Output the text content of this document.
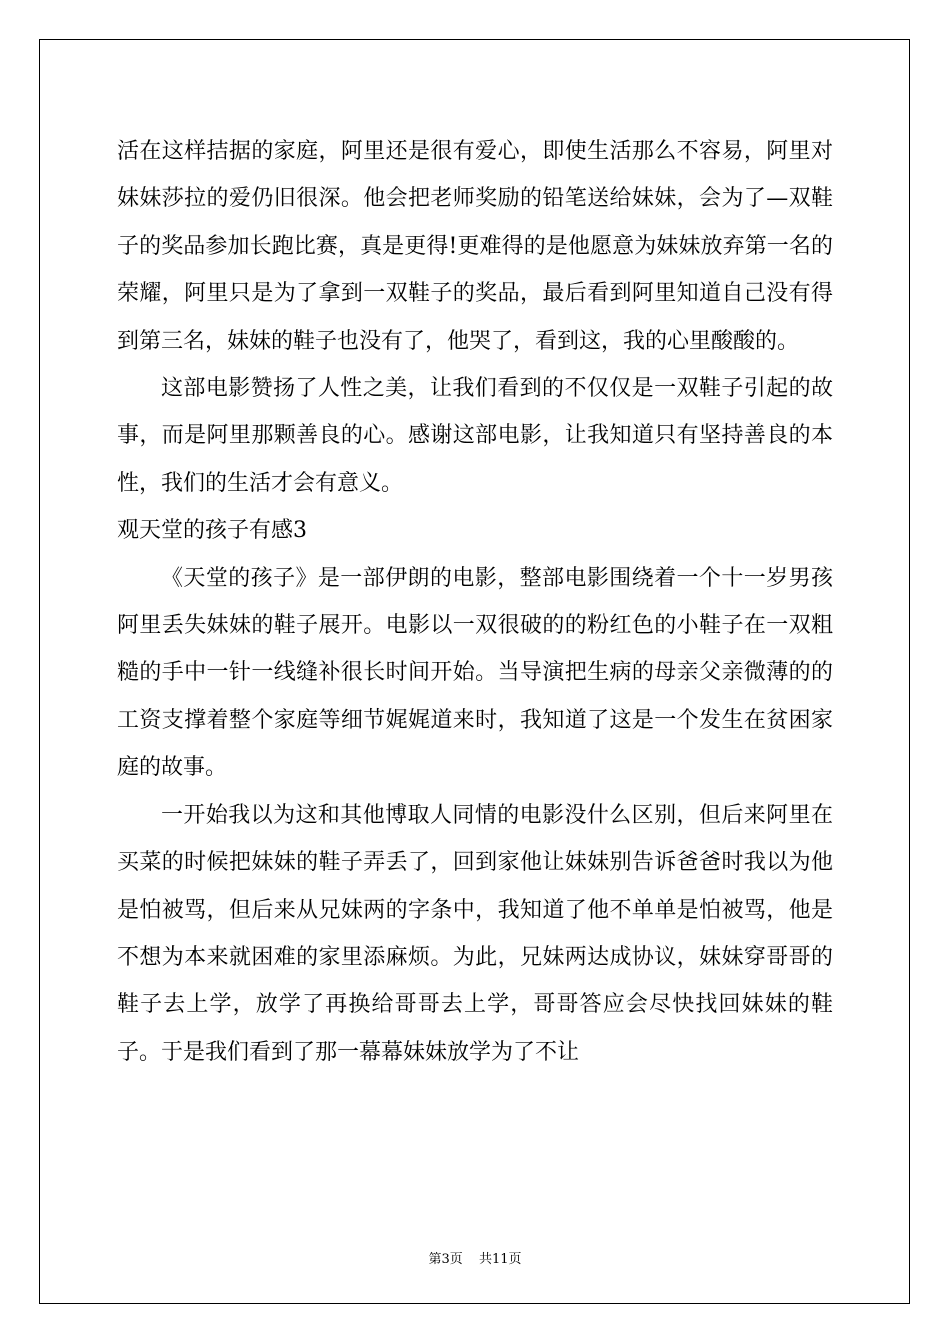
活在这样拮据的家庭，阿里还是很有爱心，即使生活那么不容易，阿里对妹妹莎拉的爱仍旧很深。他会把老师奖励的铅笔送给妹妹，会为了—双鞋子的奖品参加长跑比赛，真是更得!更难得的是他愿意为妹妹放弃第一名的荣耀，阿里只是为了拿到一双鞋子的奖品，最后看到阿里知道自己没有得到第三名，妹妹的鞋子也没有了，他哭了，看到这，我的心里酸酸的。

这部电影赞扬了人性之美，让我们看到的不仅仅是一双鞋子引起的故事，而是阿里那颗善良的心。感谢这部电影，让我知道只有坚持善良的本性，我们的生活才会有意义。

观天堂的孩子有感3

《天堂的孩子》是一部伊朗的电影，整部电影围绕着一个十一岁男孩阿里丢失妹妹的鞋子展开。电影以一双很破的的粉红色的小鞋子在一双粗糙的手中一针一线缝补很长时间开始。当导演把生病的母亲父亲微薄的的工资支撑着整个家庭等细节娓娓道来时，我知道了这是一个发生在贫困家庭的故事。

一开始我以为这和其他博取人同情的电影没什么区别，但后来阿里在买菜的时候把妹妹的鞋子弄丢了，回到家他让妹妹别告诉爸爸时我以为他是怕被骂，但后来从兄妹两的字条中，我知道了他不单单是怕被骂，他是不想为本来就困难的家里添麻烦。为此，兄妹两达成协议，妹妹穿哥哥的鞋子去上学，放学了再换给哥哥去上学，哥哥答应会尽快找回妹妹的鞋子。于是我们看到了那一幕幕妹妹放学为了不让

第3页 共11页
